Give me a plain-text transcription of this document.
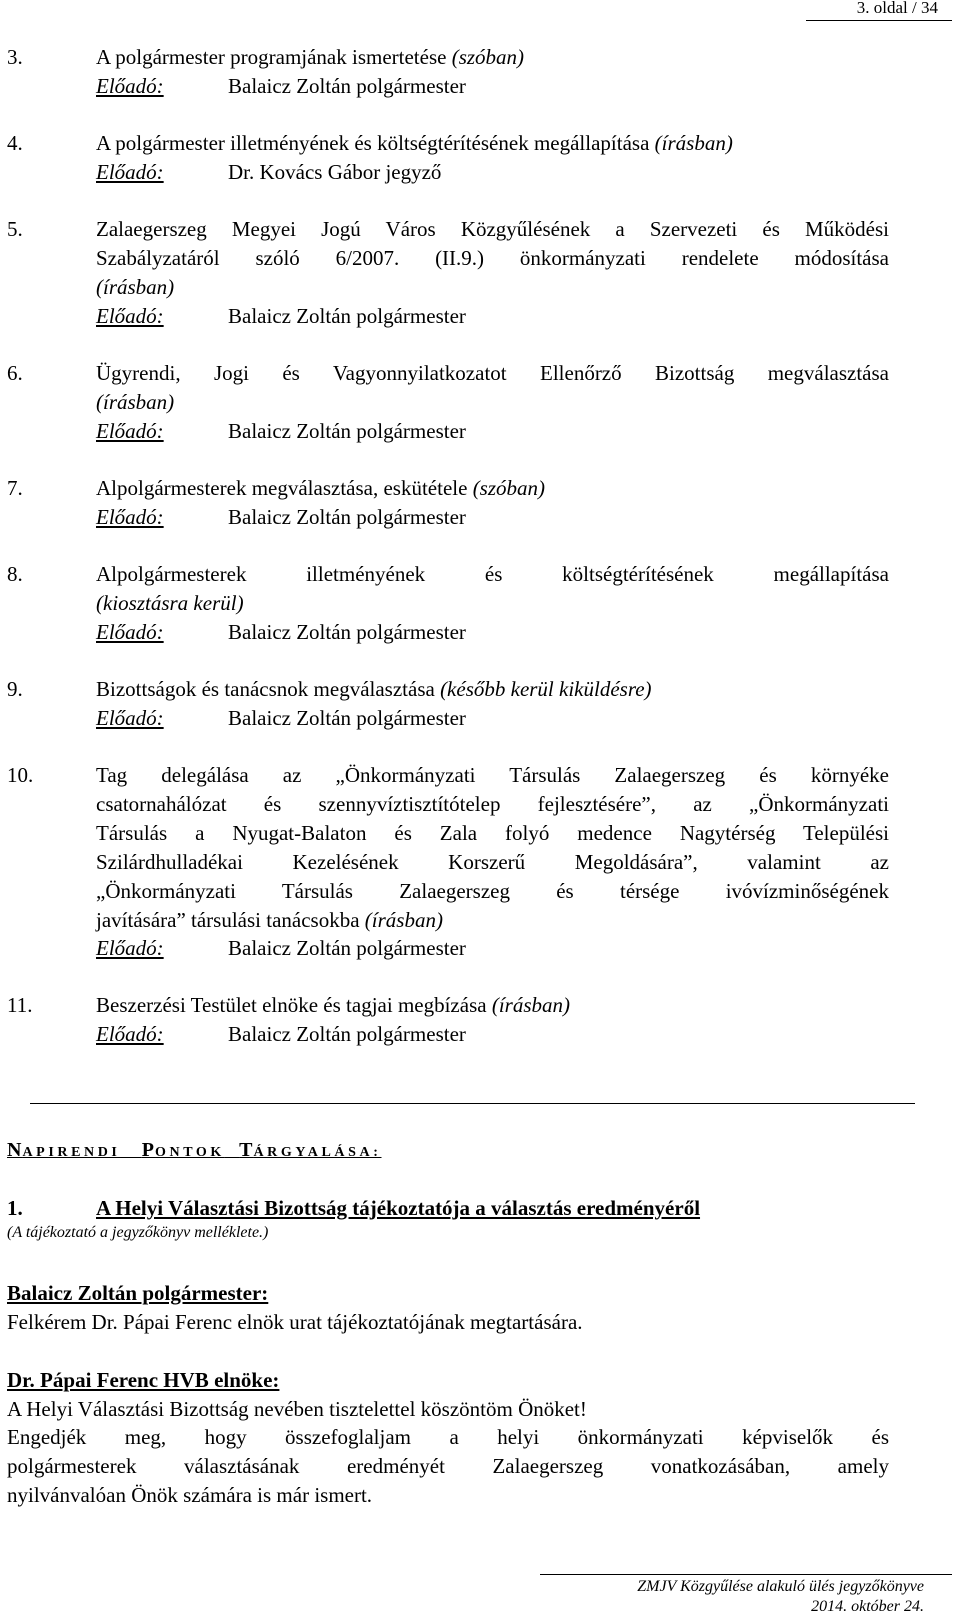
3. oldal / 34
3.	A polgármester programjának ismertetése (szóban)
Előadó:	Balaicz Zoltán polgármester
4.	A polgármester illetményének és költségtérítésének megállapítása (írásban)
Előadó:	Dr. Kovács Gábor jegyző
5.	Zalaegerszeg Megyei Jogú Város Közgyűlésének a Szervezeti és Működési
Szabályzatáról szóló 6/2007. (II.9.) önkormányzati rendelete módosítása
(írásban)
Előadó:	Balaicz Zoltán polgármester
6.	Ügyrendi, Jogi és Vagyonnyilatkozatot Ellenőrző Bizottság megválasztása
(írásban)
Előadó:	Balaicz Zoltán polgármester
7.	Alpolgármesterek megválasztása, eskütétele (szóban)
Előadó:	Balaicz Zoltán polgármester
8.	Alpolgármesterek illetményének és költségtérítésének megállapítása
(kiosztásra kerül)
Előadó:	Balaicz Zoltán polgármester
9.	Bizottságok és tanácsnok megválasztása (később kerül kiküldésre)
Előadó:	Balaicz Zoltán polgármester
10.	Tag delegálása az „Önkormányzati Társulás Zalaegerszeg és környéke
csatornahálózat és szennyvíztisztítótelep fejlesztésére”, az „Önkormányzati
Társulás a Nyugat-Balaton és Zala folyó medence Nagytérség Települési
Szilárdhulladékai Kezelésének Korszerű Megoldására”, valamint az
„Önkormányzati Társulás Zalaegerszeg és térsége ivóvízminőségének
javítására” társulási tanácsokba (írásban)
Előadó:	Balaicz Zoltán polgármester
11.	Beszerzési Testület elnöke és tagjai megbízása (írásban)
Előadó:	Balaicz Zoltán polgármester
NAPIRENDI PONTOK TÁRGYALÁSA:
1.	A Helyi Választási Bizottság tájékoztatója a választás eredményéről
(A tájékoztató a jegyzőkönyv melléklete.)
Balaicz Zoltán polgármester:
Felkérem Dr. Pápai Ferenc elnök urat tájékoztatójának megtartására.
Dr. Pápai Ferenc HVB elnöke:
A Helyi Választási Bizottság nevében tisztelettel köszöntöm Önöket!
Engedjék meg, hogy összefoglaljam a helyi önkormányzati képviselők és
polgármesterek választásának eredményét Zalaegerszeg vonatkozásában, amely
nyilvánvalóan Önök számára is már ismert.
ZMJV Közgyűlése alakuló ülés jegyzőkönyve
2014. október 24.
